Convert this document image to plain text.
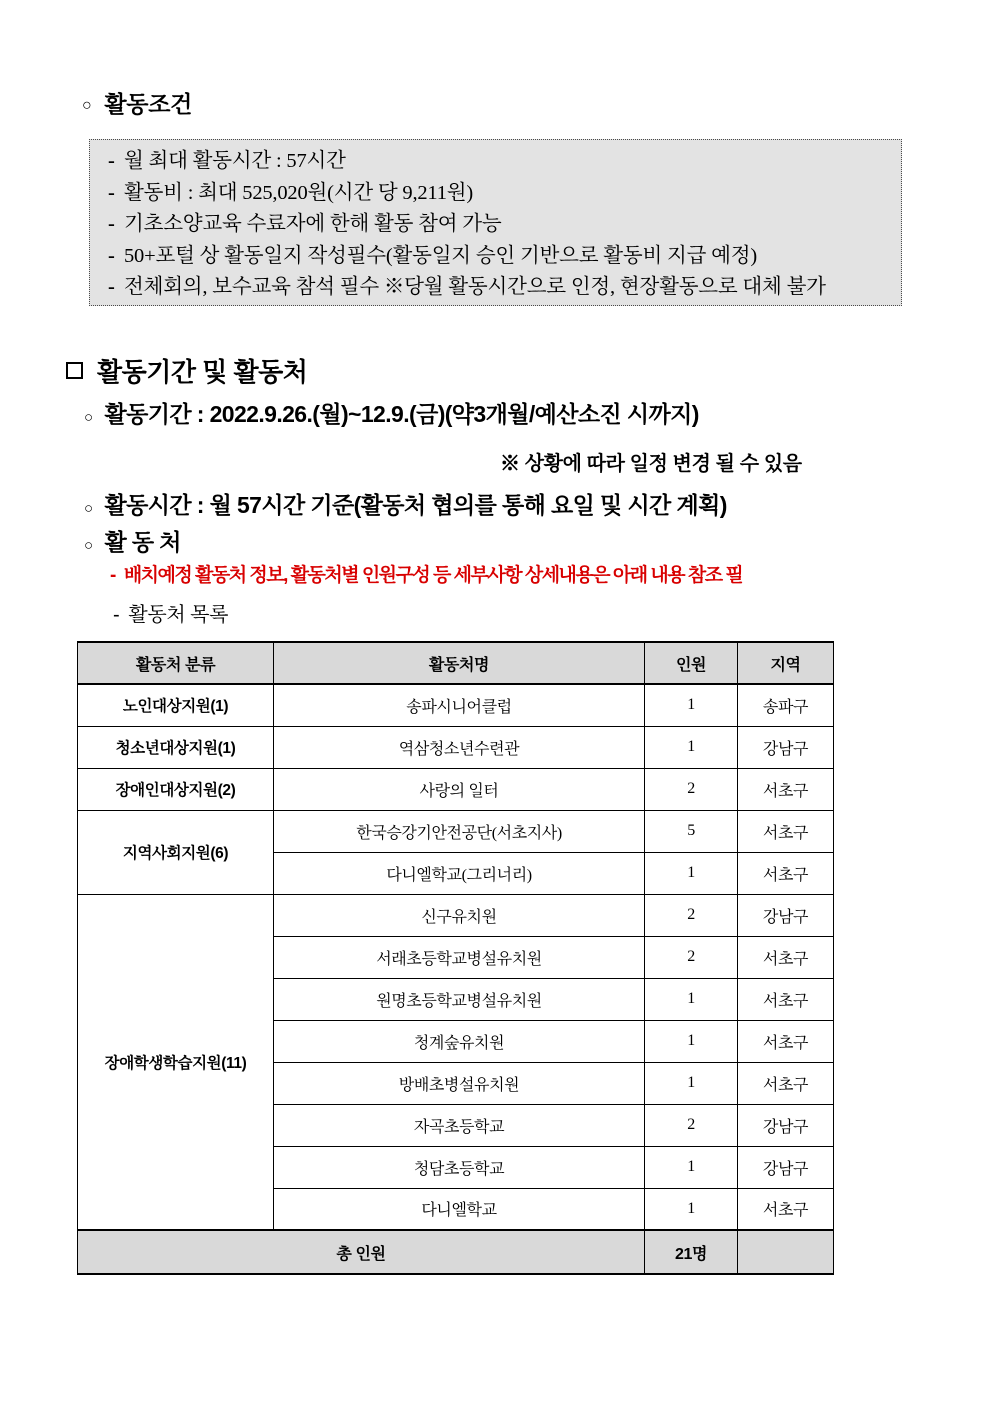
○ 활동조건
- 월 최대 활동시간 : 57시간
- 활동비 : 최대 525,020원(시간 당 9,211원)
- 기초소양교육 수료자에 한해 활동 참여 가능
- 50+포털 상 활동일지 작성필수(활동일지 승인 기반으로 활동비 지급 예정)
- 전체회의, 보수교육 참석 필수 ※당월 활동시간으로 인정, 현장활동으로 대체 불가
활동기간 및 활동처
○ 활동기간 : 2022.9.26.(월)~12.9.(금)(약3개월/예산소진 시까지)
※ 상황에 따라 일정 변경 될 수 있음
○ 활동시간 : 월 57시간 기준(활동처 협의를 통해 요일 및 시간 계획)
○ 활 동 처
- 배치예정 활동처 정보, 활동처별 인원구성 등 세부사항 상세내용은 아래 내용 참조 필
- 활동처 목록
활동처 분류	활동처명	인원	지역
노인대상지원(1)	송파시니어클럽	1	송파구
청소년대상지원(1)	역삼청소년수련관	1	강남구
장애인대상지원(2)	사랑의 일터	2	서초구
지역사회지원(6)	한국승강기안전공단(서초지사)	5	서초구
	다니엘학교(그리너리)	1	서초구
장애학생학습지원(11)	신구유치원	2	강남구
	서래초등학교병설유치원	2	서초구
	원명초등학교병설유치원	1	서초구
	청계숲유치원	1	서초구
	방배초병설유치원	1	서초구
	자곡초등학교	2	강남구
	청담초등학교	1	강남구
	다니엘학교	1	서초구
총 인원		21명	
